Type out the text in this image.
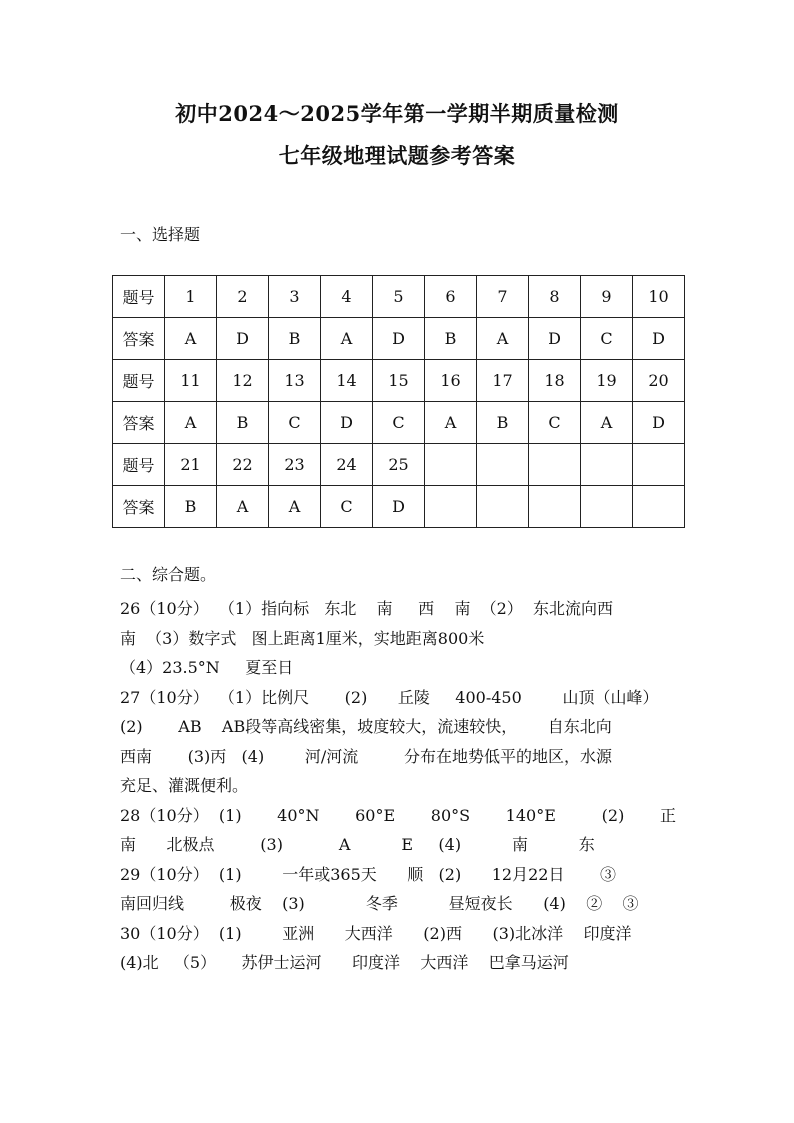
初中2024～2025学年第一学期半期质量检测
七年级地理试题参考答案
一、选择题
题号	1	2	3	4	5	6	7	8	9	10
答案	A	D	B	A	D	B	A	D	C	D
题号	11	12	13	14	15	16	17	18	19	20
答案	A	B	C	D	C	A	B	C	A	D
题号	21	22	23	24	25					
答案	B	A	A	C	D					
二、综合题。
26（10分）  （1）指向标   东北    南     西    南  （2）  东北流向西
南  （3）数字式   图上距离1厘米，实地距离800米
（4）23.5°N     夏至日
27（10分）  （1）比例尺       (2)      丘陵     400-450        山顶（山峰）
(2)       AB    AB段等高线密集，坡度较大，流速较快，      自东北向
西南       (3)丙   (4)        河/河流         分布在地势低平的地区，水源
充足、灌溉便利。
28（10分）  (1)       40°N       60°E       80°S       140°E         (2)       正
南      北极点         (3)           A          E     (4)          南          东
29（10分）  (1)        一年或365天      顺   (2)      12月22日       ③
南回归线         极夜    (3)            冬季          昼短夜长      (4)    ②    ③
30（10分）  (1)        亚洲      大西洋      (2)西      (3)北冰洋    印度洋
(4)北   （5）     苏伊士运河      印度洋    大西洋    巴拿马运河
